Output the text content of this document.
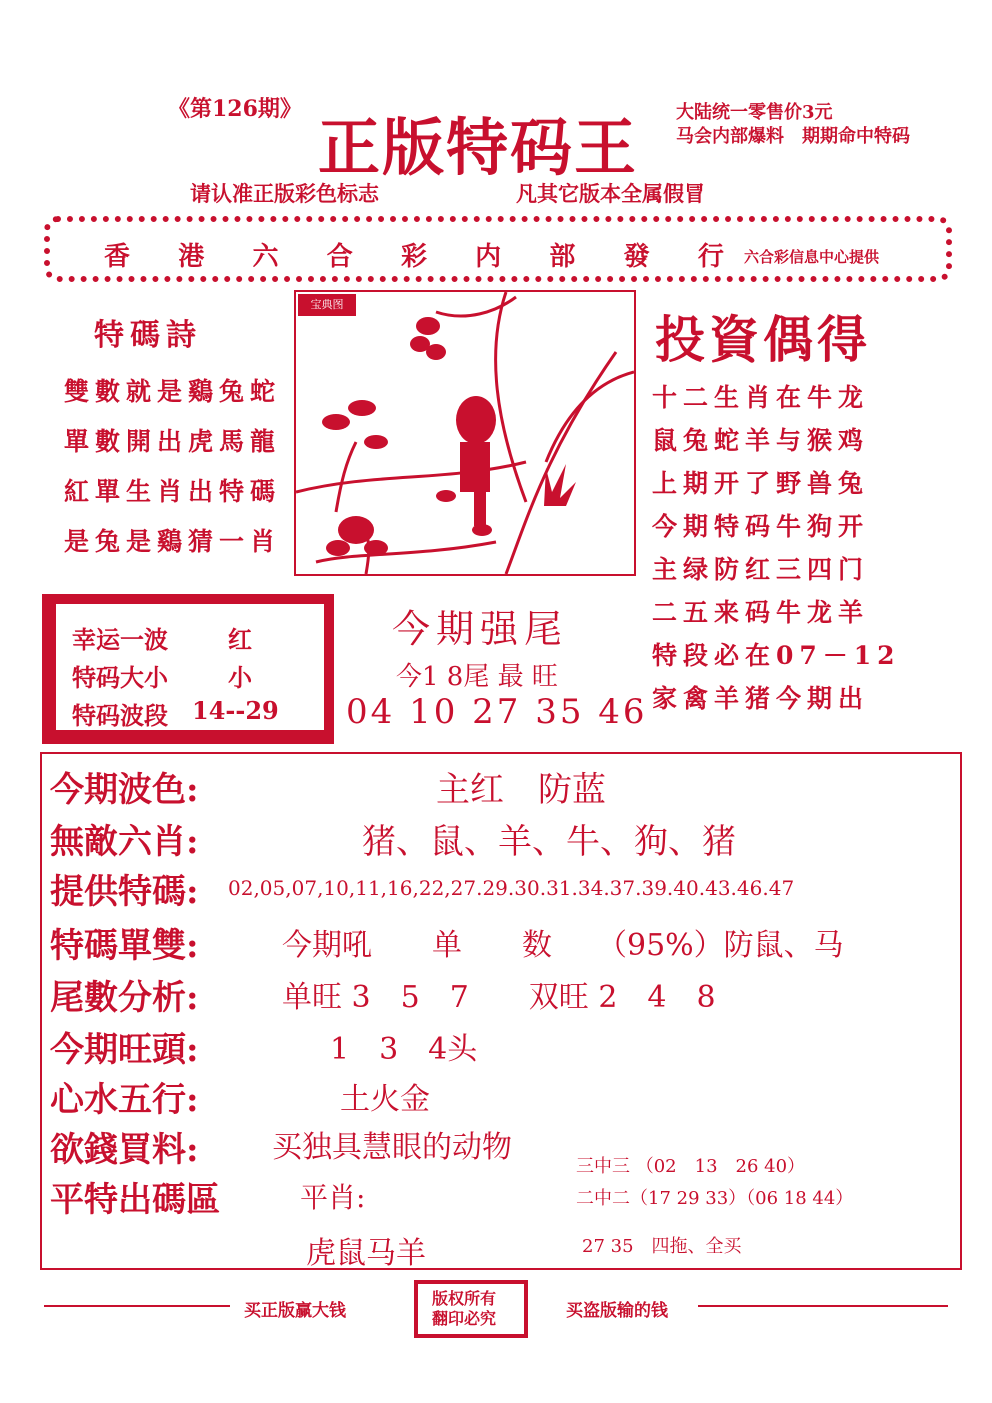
《第126期》
正版特码王 大陆统一零售价3元
马会内部爆料　期期命中特码
请认准正版彩色标志	凡其它版本全属假冒
香 港 六 合 彩 内 部 發 行 六合彩信息中心提供
特碼詩
雙數就是鷄兔蛇
單數開出虎馬龍
紅單生肖出特碼
是兔是鷄猜一肖
宝典图
投資偶得
十二生肖在牛龙
鼠兔蛇羊与猴鸡
上期开了野兽兔
今期特码牛狗开
主绿防红三四门
二五来码牛龙羊
特段必在07－12
家禽羊猪今期出
幸运一波	红
特码大小	小
特码波段 14--29
今期强尾
今1 8尾 最 旺
04 10 27 35 46
今期波色:	主红　防蓝
無敵六肖:	猪、鼠、羊、牛、狗、猪
提供特碼: 02,05,07,10,11,16,22,27.29.30.31.34.37.39.40.43.46.47
特碼單雙:	今期吼　　单　　数　　（95%）防鼠、马
尾數分析:	单旺 3　5　7　　双旺 2　4　8
今期旺頭:	1　3　4头
心水五行:	土火金
欲錢買料: 买独具慧眼的动物
平特出碼區	平肖:
虎鼠马羊
三中三 （02　13　26 40）
二中二（17 29 33）（06 18 44）
27 35　四拖、全买
买正版赢大钱
版权所有
翻印必究	买盗版输的钱
